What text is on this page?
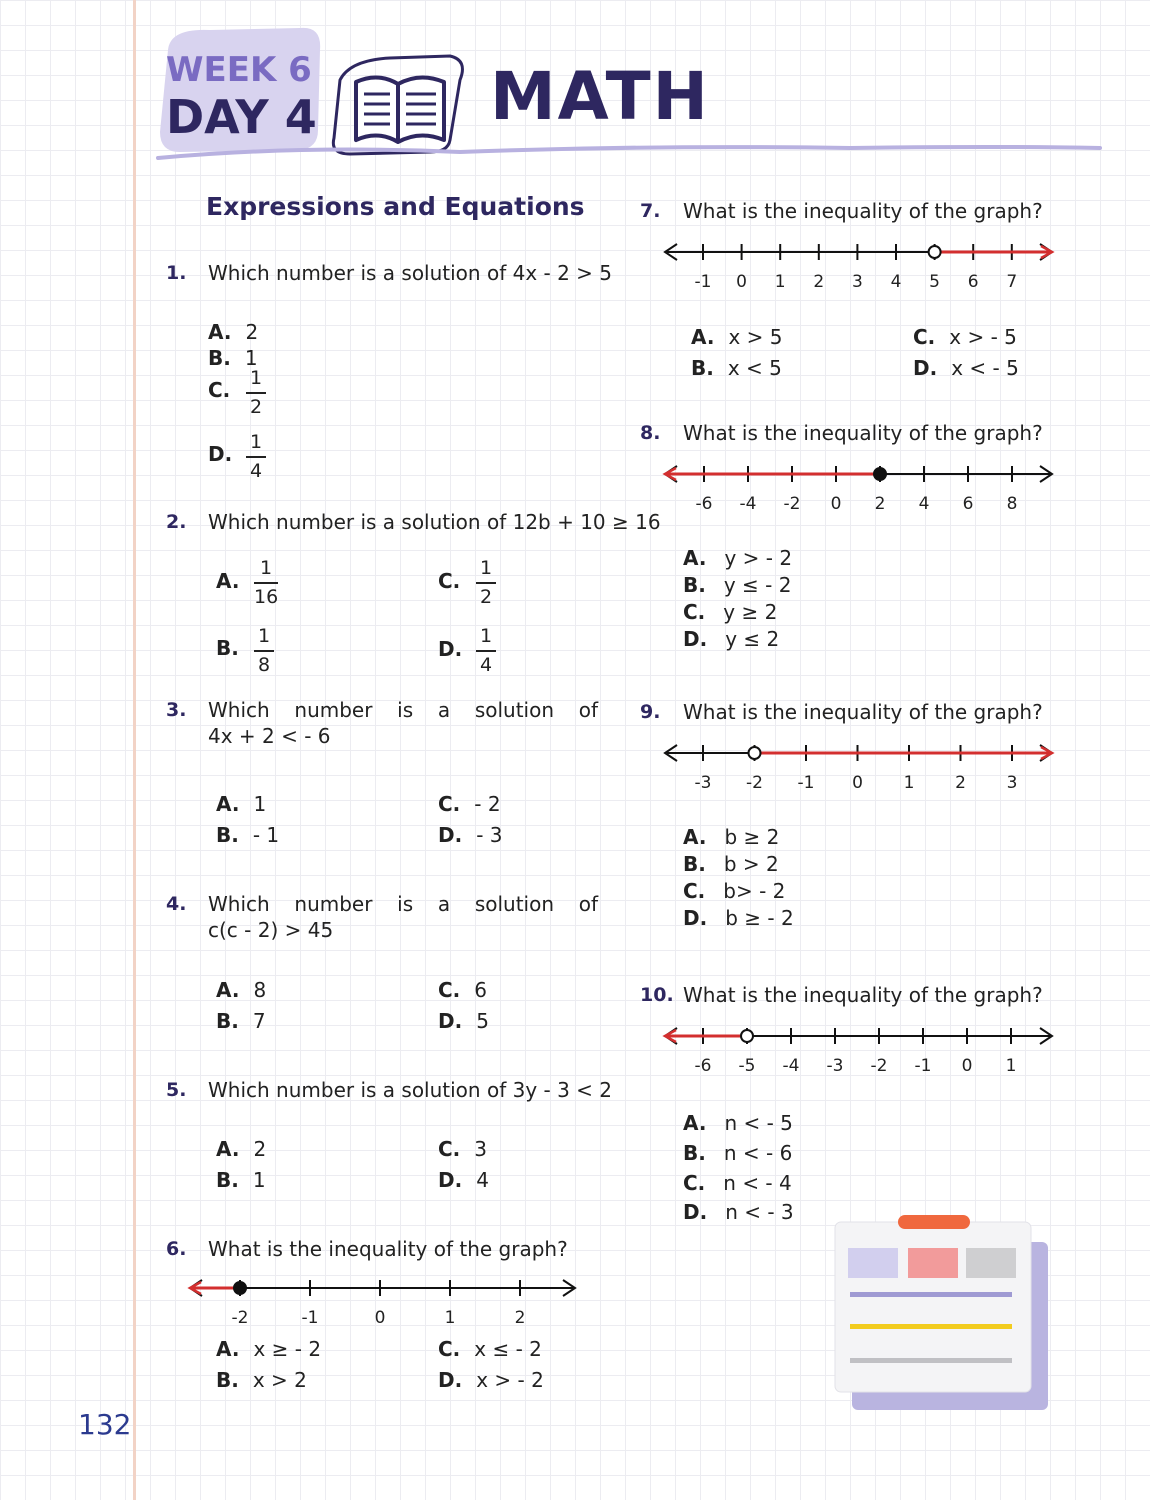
WEEK 6
DAY 4	MATH
Expressions and Equations
1. Which number is a solution of 4x - 2 > 5
A. 2
B. 1
C.	1
2
D. 1
4
2. Which number is a solution of 12b + 10 ≥ 16
A.
1
16
B.	1
8
C.
1
2
D.
1
4
3. Which number is a solution of
4x + 2 < - 6
A. 1
B. - 1
C. - 2
D. - 3
4. Which number is a solution of
c(c - 2) > 45
A. 8
B. 7
C. 6
D. 5
5. Which number is a solution of 3y - 3 < 2
A. 2
B. 1
C. 3
D. 4
6. What is the inequality of the graph?
-2	-1	0	1	2
A. x ≥ - 2
B. x > 2
C. x ≤ - 2
D. x > - 2
7. What is the inequality of the graph?
-1 0 1 2 3 4 5 6 7
A. x > 5
B. x < 5
C. x > - 5
D. x < - 5
8. What is the inequality of the graph?
-6 -4 -2 0 2 4 6 8
A. y > - 2
B. y ≤ - 2
C. y ≥ 2
D. y ≤ 2
9. What is the inequality of the graph?
-3 -2 -1 0 1 2 3
A. b ≥ 2
B. b > 2
C. b> - 2
D. b ≥ - 2
10. What is the inequality of the graph?
-6 -5 -4 -3 -2 -1 0 1
A. n < - 5
B. n < - 6
C. n < - 4
D. n < - 3
132
